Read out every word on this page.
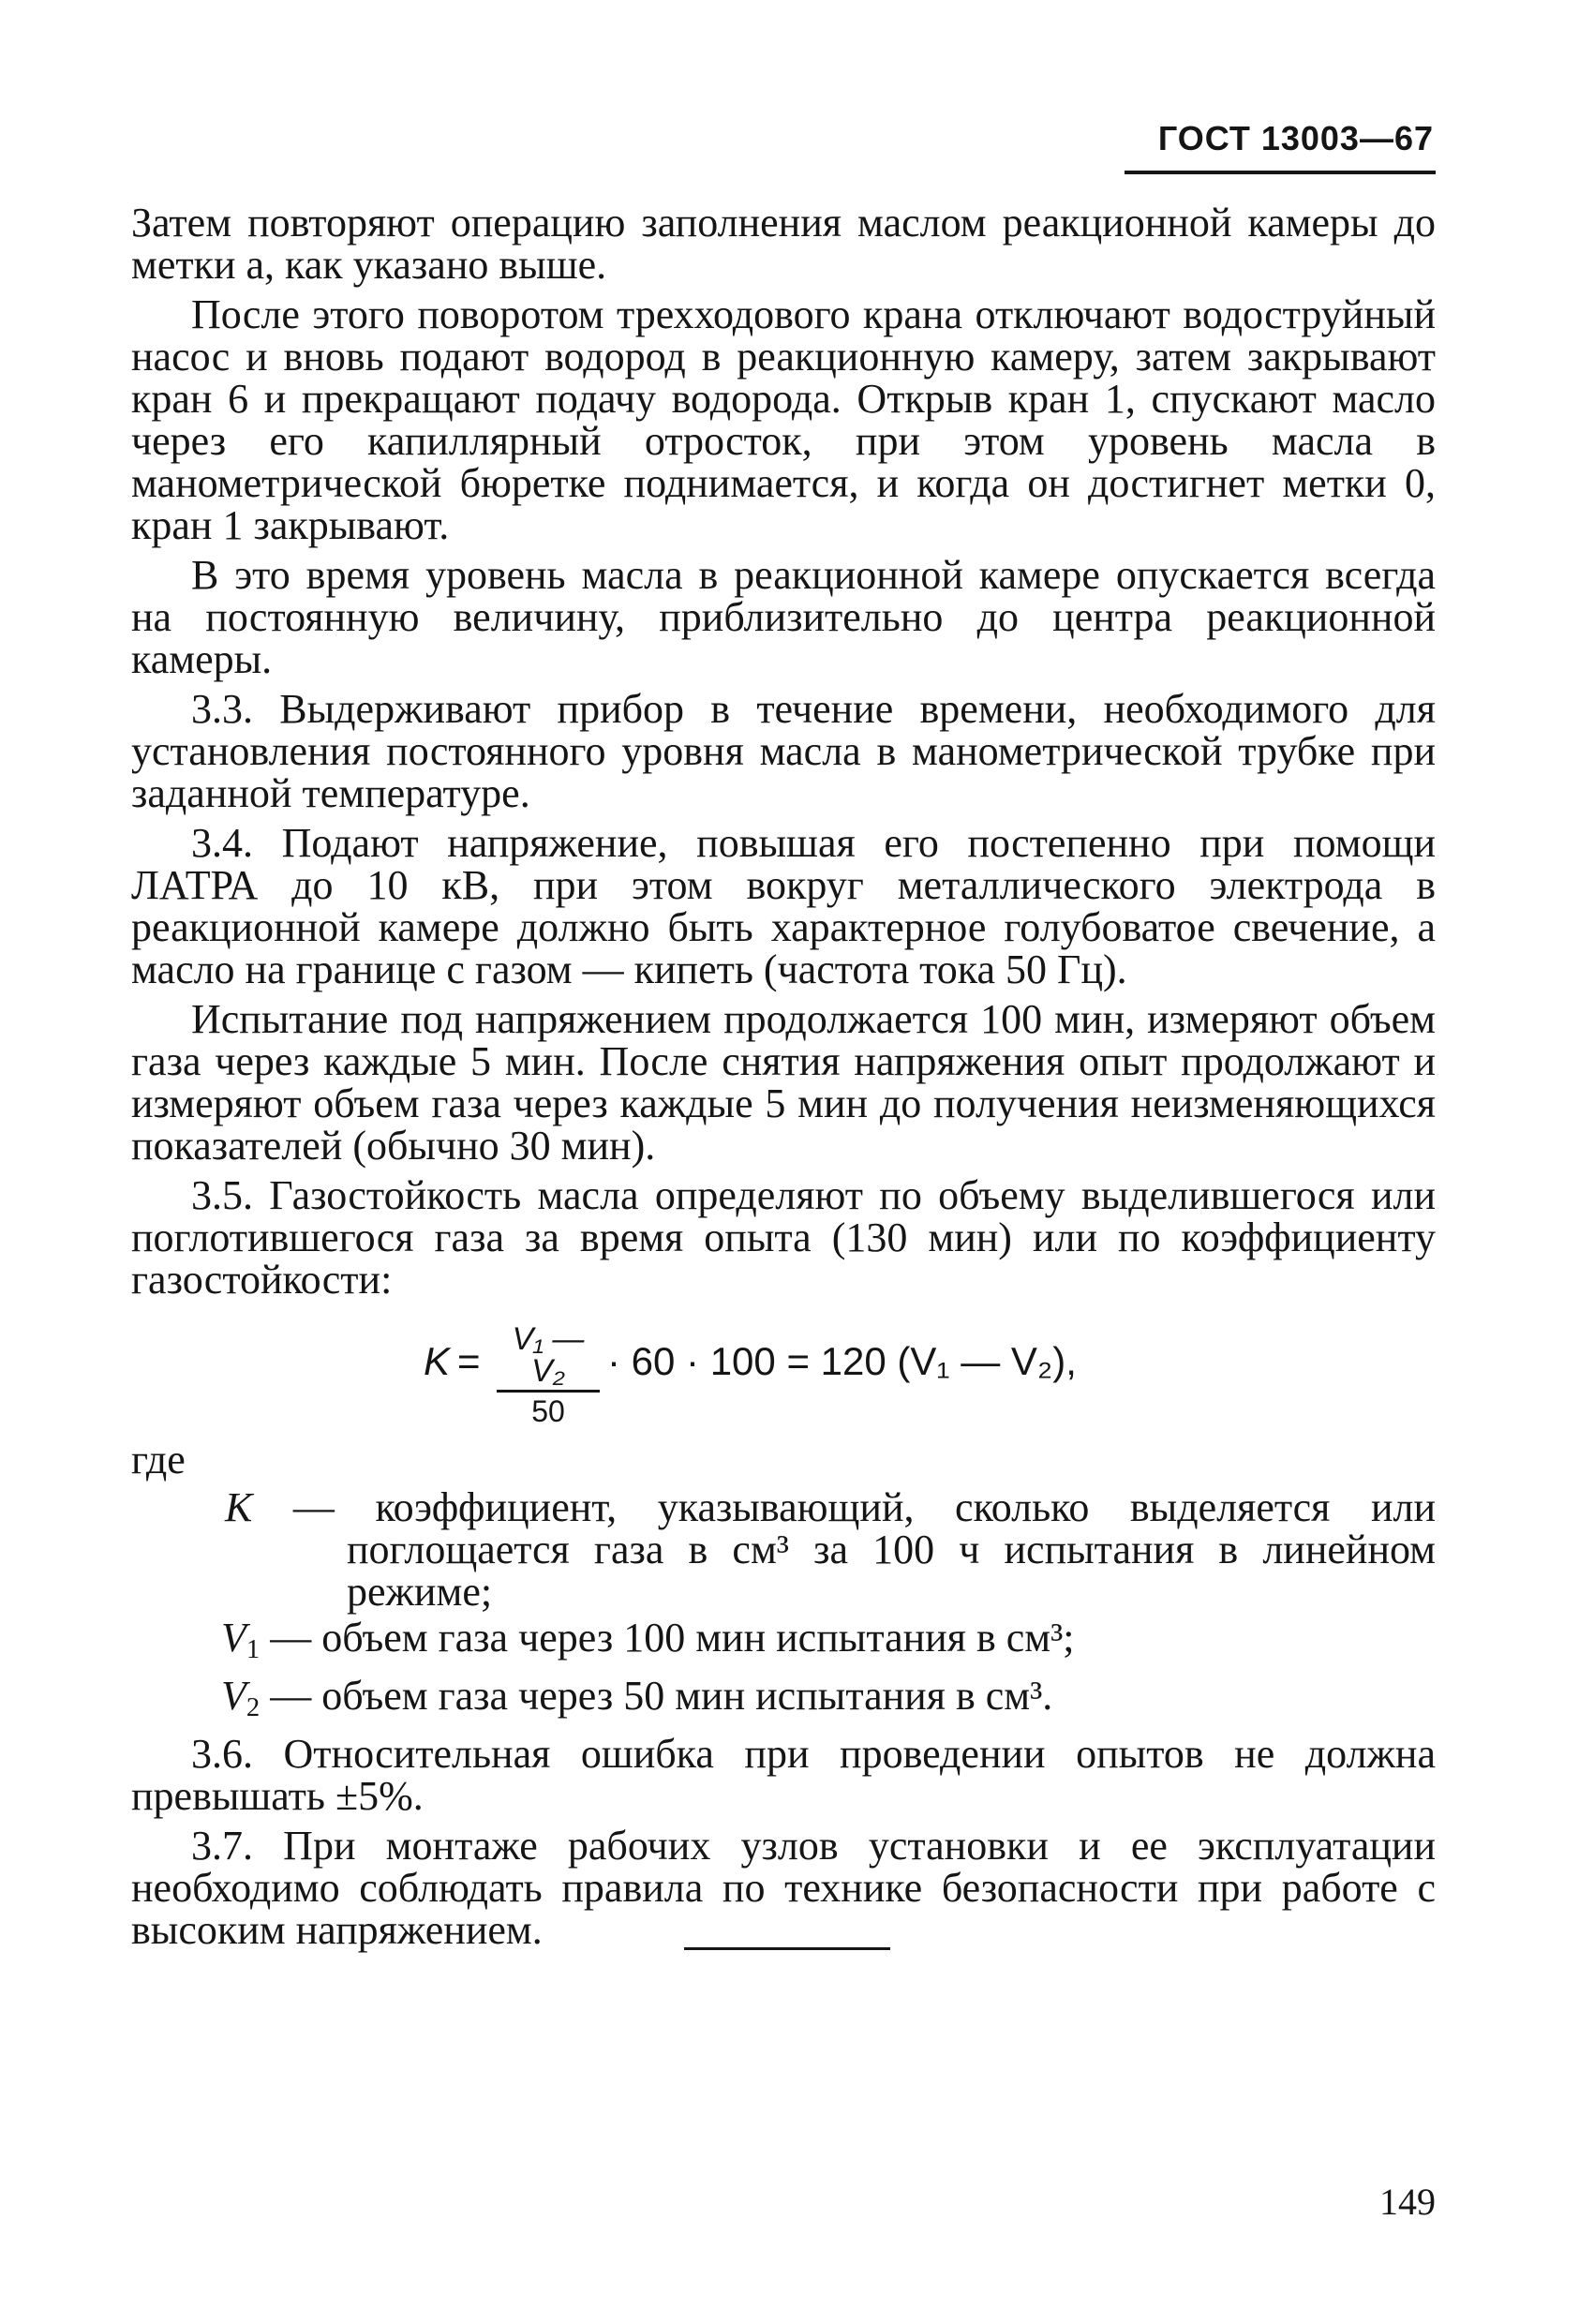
ГОСТ 13003—67

Затем повторяют операцию заполнения маслом реакционной камеры до метки a, как указано выше.

После этого поворотом трехходового крана отключают водоструйный насос и вновь подают водород в реакционную камеру, затем закрывают кран 6 и прекращают подачу водорода. Открыв кран 1, спускают масло через его капиллярный отросток, при этом уровень масла в манометрической бюретке поднимается, и когда он достигнет метки 0, кран 1 закрывают.

В это время уровень масла в реакционной камере опускается всегда на постоянную величину, приблизительно до центра реакционной камеры.

3.3. Выдерживают прибор в течение времени, необходимого для установления постоянного уровня масла в манометрической трубке при заданной температуре.

3.4. Подают напряжение, повышая его постепенно при помощи ЛАТРА до 10 кВ, при этом вокруг металлического электрода в реакционной камере должно быть характерное голубоватое свечение, а масло на границе с газом — кипеть (частота тока 50 Гц).

Испытание под напряжением продолжается 100 мин, измеряют объем газа через каждые 5 мин. После снятия напряжения опыт продолжают и измеряют объем газа через каждые 5 мин до получения неизменяющихся показателей (обычно 30 мин).

3.5. Газостойкость масла определяют по объему выделившегося или поглотившегося газа за время опыта (130 мин) или по коэффициенту газостойкости:

K =	V₁ — V₂
50
· 60 · 100 = 120 (V₁ — V₂),

где

K — коэффициент, указывающий, сколько выделяется или поглощается газа в см³ за 100 ч испытания в линейном режиме;

$V_1$ — объем газа через 100 мин испытания в см³;

$V_2$ — объем газа через 50 мин испытания в см³.

3.6. Относительная ошибка при проведении опытов не должна превышать ±5%.

3.7. При монтаже рабочих узлов установки и ее эксплуатации необходимо соблюдать правила по технике безопасности при работе с высоким напряжением.

149
